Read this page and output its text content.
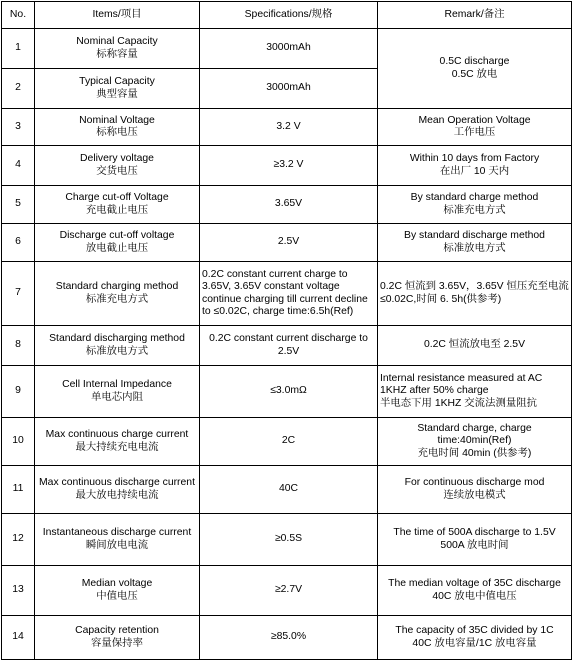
No.	Items/项目	Specifications/规格	Remark/备注
1	Nominal Capacity
标称容量	3000mAh	0.5C discharge
0.5C 放电
2	Typical Capacity
典型容量	3000mAh	
3	Nominal Voltage
标称电压	3.2 V	Mean Operation Voltage
工作电压
4	Delivery voltage
交货电压	≥3.2 V	Within 10 days from Factory
在出厂 10 天内
5	Charge cut-off Voltage
充电截止电压	3.65V	By standard charge method
标准充电方式
6	Discharge cut-off voltage
放电截止电压	2.5V	By standard discharge method
标准放电方式
7	Standard charging method
标准充电方式	0.2C constant current charge to 3.65V, 3.65V constant voltage continue charging till current decline to ≤0.02C, charge time:6.5h(Ref)	0.2C 恒流到 3.65V，3.65V 恒压充至电流≤0.02C,时间 6. 5h(供参考)
8	Standard discharging method
标准放电方式	0.2C constant current discharge to 2.5V	0.2C 恒流放电至 2.5V
9	Cell Internal Impedance
单电芯内阻	≤3.0mΩ	Internal resistance measured at AC 1KHZ after 50% charge
半电态下用 1KHZ 交流法测量阻抗
10	Max continuous charge current
最大持续充电电流	2C	Standard charge, charge time:40min(Ref)
充电时间 40min (供参考)
11	Max continuous discharge current
最大放电持续电流	40C	For continuous discharge mod
连续放电模式
12	Instantaneous discharge current
瞬间放电电流	≥0.5S	The time of 500A discharge to 1.5V
500A 放电时间
13	Median voltage
中值电压	≥2.7V	The median voltage of 35C discharge
40C 放电中值电压
14	Capacity retention
容量保持率	≥85.0%	The capacity of 35C divided by 1C
40C 放电容量/1C 放电容量
